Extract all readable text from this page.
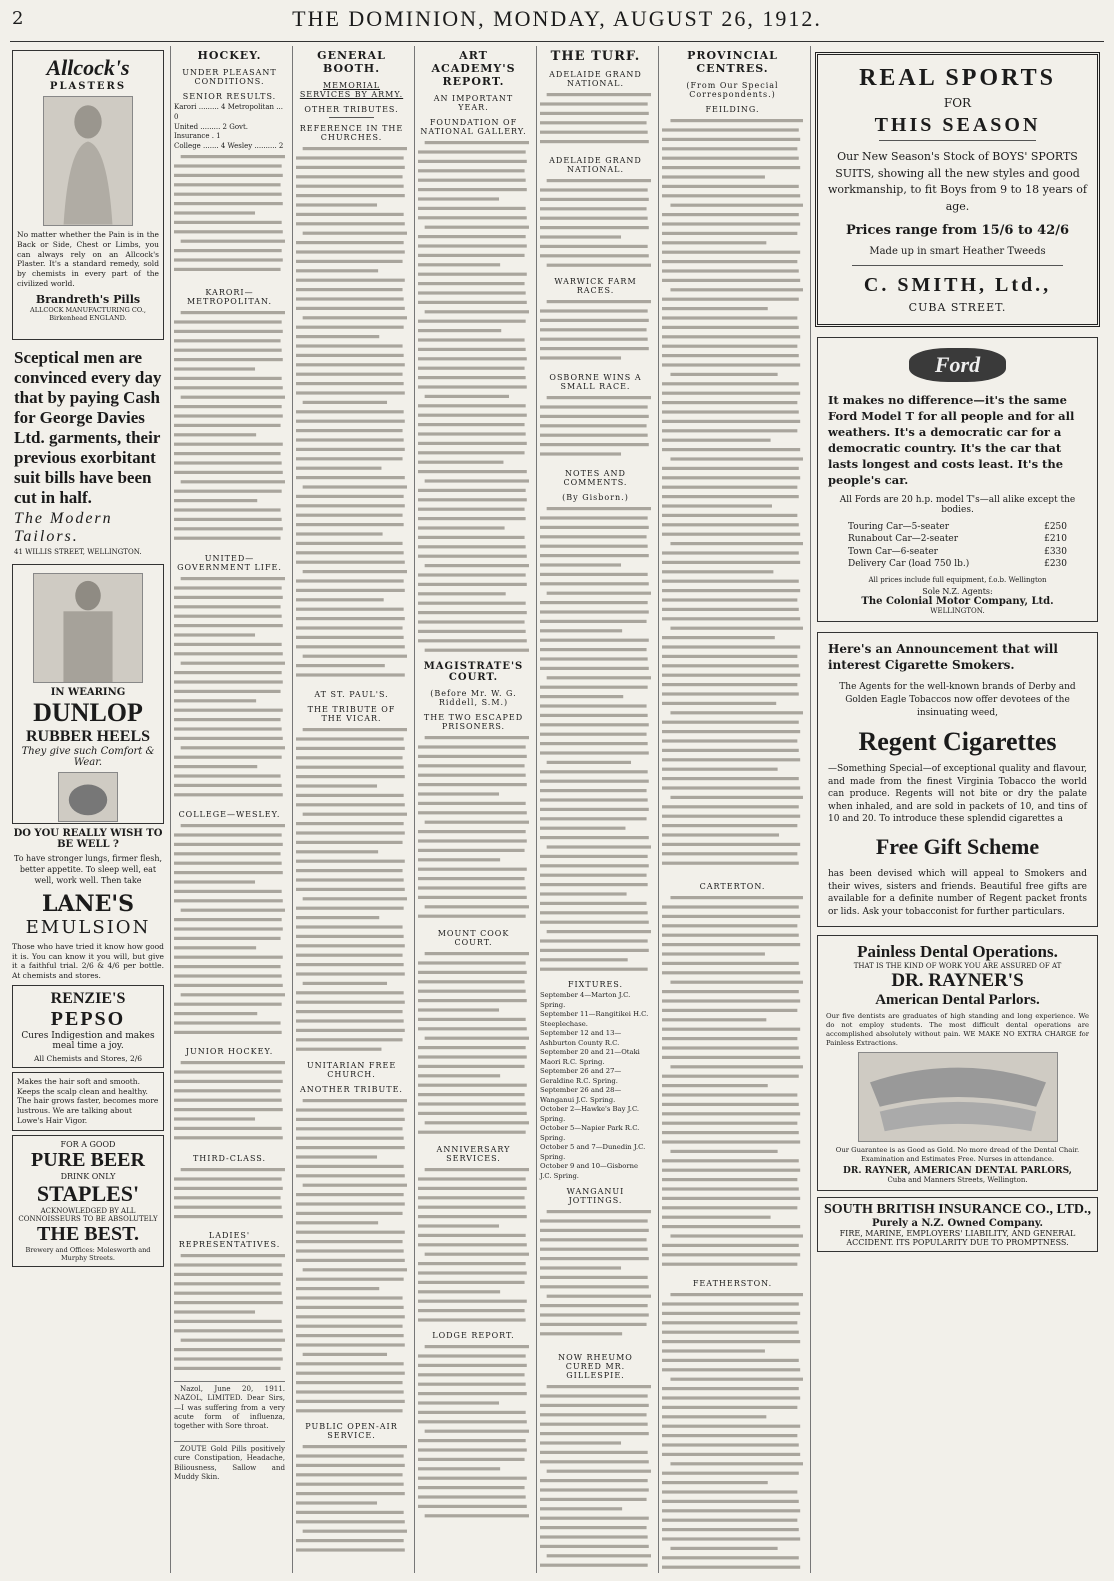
2	THE DOMINION, MONDAY, AUGUST 26, 1912.
Allcock's
PLASTERS
No matter whether the Pain is in the Back or Side, Chest or Limbs, you can always rely on an Allcock's Plaster. It's a standard remedy, sold by chemists in every part of the civilized world.
Brandreth's Pills
ALLCOCK MANUFACTURING CO., Birkenhead ENGLAND.
Sceptical men are convinced every day that by paying Cash for George Davies Ltd. garments, their previous exorbitant suit bills have been cut in half.
The Modern Tailors.
41 WILLIS STREET, WELLINGTON.
IN WEARING
DUNLOP
RUBBER HEELS
They give such Comfort & Wear.
DO YOU REALLY WISH TO BE WELL ?
To have stronger lungs, firmer flesh, better appetite. To sleep well, eat well, work well. Then take
LANE'S
EMULSION
Those who have tried it know how good it is. You can know it you will, but give it a faithful trial. 2/6 & 4/6 per bottle. At chemists and stores.
RENZIE'S
PEPSO
Cures Indigestion and makes meal time a joy.
All Chemists and Stores, 2/6
Makes the hair soft and smooth. Keeps the scalp clean and healthy. The hair grows faster, becomes more lustrous. We are talking about Lowe's Hair Vigor.
FOR A GOOD
PURE BEER
DRINK ONLY
STAPLES'
ACKNOWLEDGED BY ALL CONNOISSEURS TO BE ABSOLUTELY
THE BEST.
Brewery and Offices: Molesworth and Murphy Streets.
HOCKEY.
UNDER PLEASANT CONDITIONS.
SENIOR RESULTS.
Karori ......... 4 Metropolitan ... 0
United ......... 2 Govt. Insurance . 1
College ....... 4 Wesley .......... 2
KARORI—METROPOLITAN.
UNITED—GOVERNMENT LIFE.
COLLEGE—WESLEY.
JUNIOR HOCKEY.
THIRD-CLASS.
LADIES' REPRESENTATIVES.
Nazol, June 20, 1911. NAZOL, LIMITED. Dear Sirs,—I was suffering from a very acute form of influenza, together with Sore throat.
ZOUTE Gold Pills positively cure Constipation, Headache, Biliousness, Sallow and Muddy Skin.
GENERAL BOOTH.
MEMORIAL SERVICES BY ARMY.
OTHER TRIBUTES.
REFERENCE IN THE CHURCHES.
AT ST. PAUL'S.
THE TRIBUTE OF THE VICAR.
UNITARIAN FREE CHURCH.
ANOTHER TRIBUTE.
PUBLIC OPEN-AIR SERVICE.
ART ACADEMY'S REPORT.
AN IMPORTANT YEAR.
FOUNDATION OF NATIONAL GALLERY.
MAGISTRATE'S COURT.
(Before Mr. W. G. Riddell, S.M.)
THE TWO ESCAPED PRISONERS.
MOUNT COOK COURT.
ANNIVERSARY SERVICES.
LODGE REPORT.
THE TURF.
ADELAIDE GRAND NATIONAL.
ADELAIDE GRAND NATIONAL.
WARWICK FARM RACES.
OSBORNE WINS A SMALL RACE.
NOTES AND COMMENTS.
(By Gisborn.)
FIXTURES.
September 4—Marton J.C. Spring.
September 11—Rangitikei H.C. Steeplechase.
September 12 and 13—Ashburton County R.C.
September 20 and 21—Otaki Maori R.C. Spring.
September 26 and 27—Geraldine R.C. Spring.
September 26 and 28—Wanganui J.C. Spring.
October 2—Hawke's Bay J.C. Spring.
October 5—Napier Park R.C. Spring.
October 5 and 7—Dunedin J.C. Spring.
October 9 and 10—Gisborne J.C. Spring.
WANGANUI JOTTINGS.
NOW RHEUMO CURED MR. GILLESPIE.
PROVINCIAL CENTRES.
(From Our Special Correspondents.)
FEILDING.
CARTERTON.
FEATHERSTON.
REAL SPORTS
FOR
THIS SEASON

Our New Season's Stock of BOYS' SPORTS SUITS, showing all the new styles and good workmanship, to fit Boys from 9 to 18 years of age.

Prices range from 15/6 to 42/6
Made up in smart Heather Tweeds
C. SMITH, Ltd.,
CUBA STREET.
Ford
It makes no difference—it's the same Ford Model T for all people and for all weathers. It's a democratic car for a democratic country. It's the car that lasts longest and costs least. It's the people's car.
All Fords are 20 h.p. model T's—all alike except the bodies.
Touring Car—5-seater	£250
Runabout Car—2-seater	£210
Town Car—6-seater	£330
Delivery Car (load 750 lb.)	£230
All prices include full equipment, f.o.b. Wellington
Sole N.Z. Agents:
The Colonial Motor Company, Ltd.
WELLINGTON.
Here's an Announcement that will interest Cigarette Smokers.
The Agents for the well-known brands of Derby and Golden Eagle Tobaccos now offer devotees of the insinuating weed,
Regent Cigarettes
—Something Special—of exceptional quality and flavour, and made from the finest Virginia Tobacco the world can produce. Regents will not bite or dry the palate when inhaled, and are sold in packets of 10, and tins of 10 and 20. To introduce these splendid cigarettes a
Free Gift Scheme
has been devised which will appeal to Smokers and their wives, sisters and friends. Beautiful free gifts are available for a definite number of Regent packet fronts or lids. Ask your tobacconist for further particulars.
Painless Dental Operations.
THAT IS THE KIND OF WORK YOU ARE ASSURED OF AT
DR. RAYNER'S
American Dental Parlors.
Our five dentists are graduates of high standing and long experience. We do not employ students. The most difficult dental operations are accomplished absolutely without pain. WE MAKE NO EXTRA CHARGE for Painless Extractions.
Our Guarantee is as Good as Gold. No more dread of the Dental Chair. Examination and Estimates Free. Nurses in attendance.
DR. RAYNER, AMERICAN DENTAL PARLORS,
Cuba and Manners Streets, Wellington.
SOUTH BRITISH INSURANCE CO., LTD.,
Purely a N.Z. Owned Company.
FIRE, MARINE, EMPLOYERS' LIABILITY, AND GENERAL ACCIDENT. ITS POPULARITY DUE TO PROMPTNESS.
